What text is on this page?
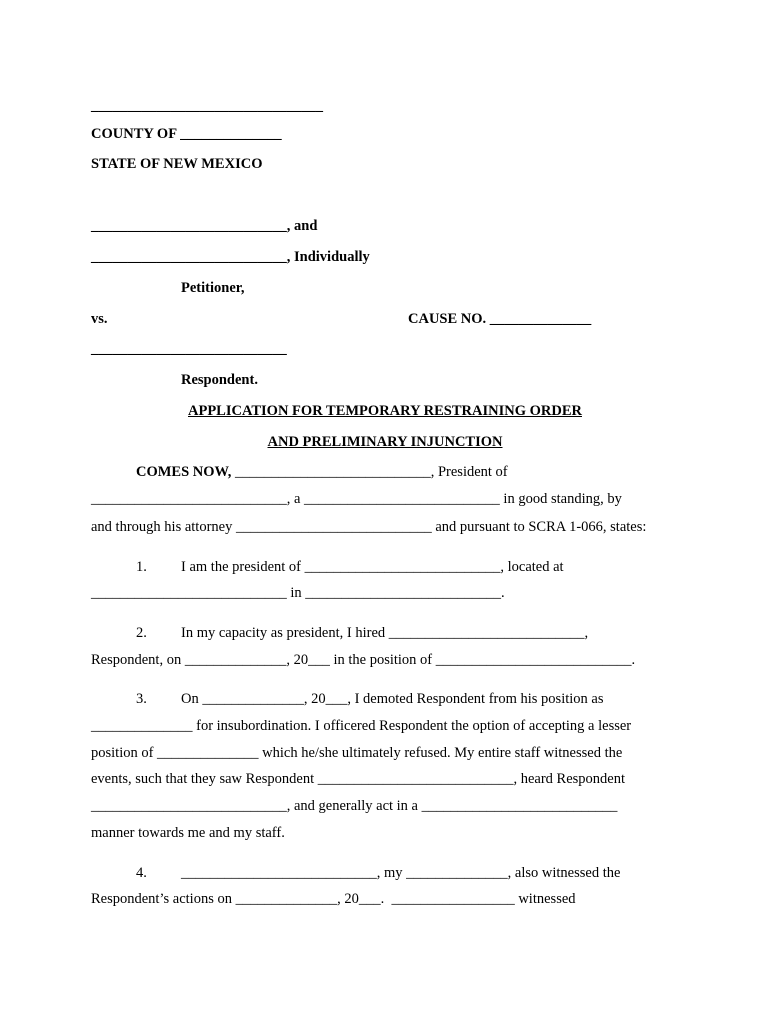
________________________________
COUNTY OF ______________
STATE OF NEW MEXICO
___________________________, and
___________________________, Individually
Petitioner,
vs.	CAUSE NO. ______________
___________________________
Respondent.
APPLICATION FOR TEMPORARY RESTRAINING ORDER
AND PRELIMINARY INJUNCTION
COMES NOW, ___________________________, President of
___________________________, a ___________________________ in good standing, by
and through his attorney ___________________________ and pursuant to SCRA 1-066, states:
1. I am the president of ___________________________, located at
___________________________ in ___________________________.
2. In my capacity as president, I hired ___________________________,
Respondent, on ______________, 20___ in the position of ___________________________.
3. On ______________, 20___, I demoted Respondent from his position as
______________ for insubordination. I officered Respondent the option of accepting a lesser
position of ______________ which he/she ultimately refused. My entire staff witnessed the
events, such that they saw Respondent ___________________________, heard Respondent
___________________________, and generally act in a ___________________________
manner towards me and my staff.
4. ___________________________, my ______________, also witnessed the
Respondent’s actions on ______________, 20___.  _________________ witnessed
